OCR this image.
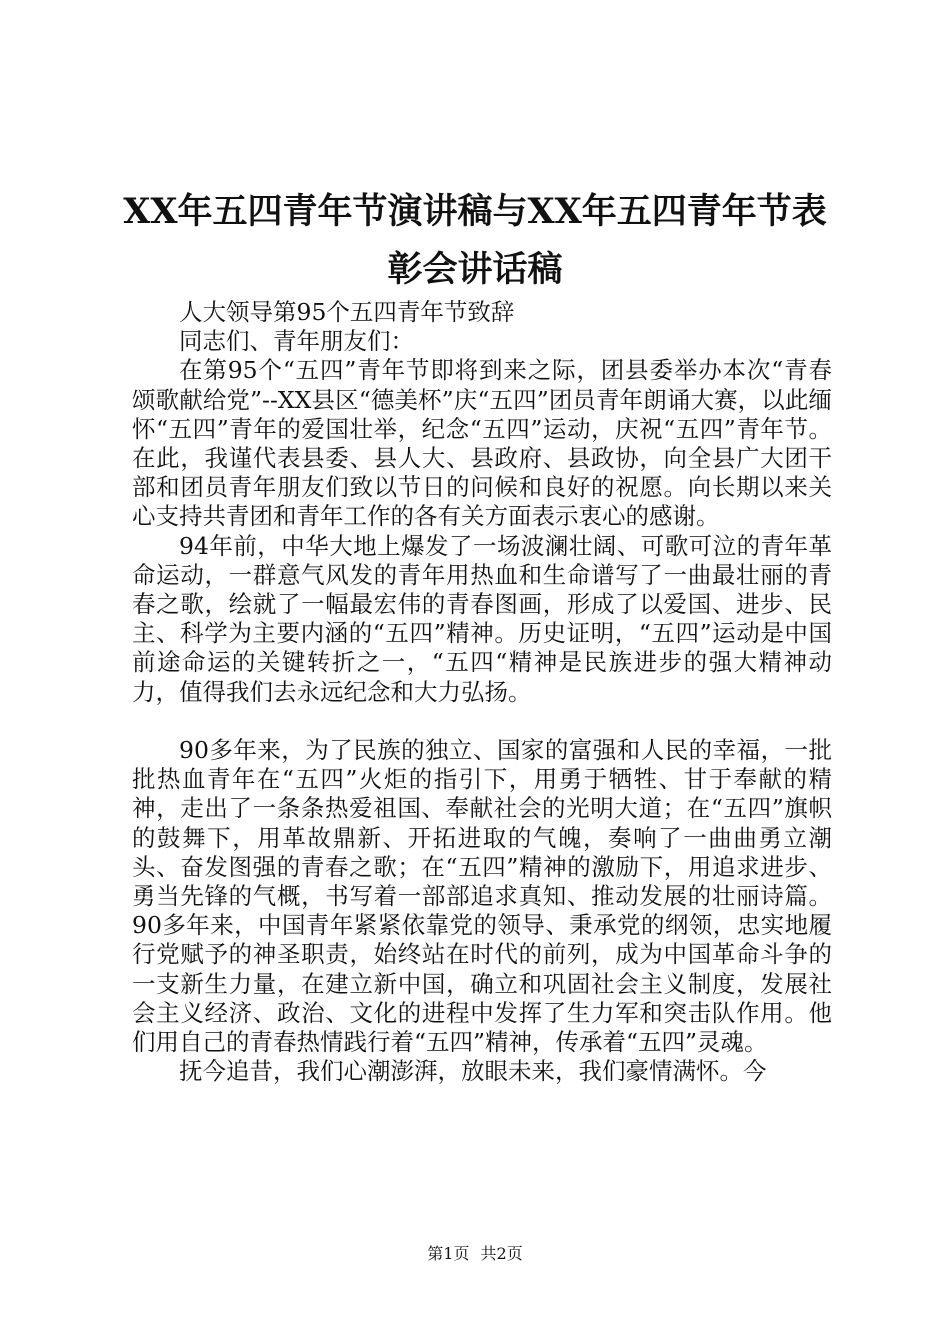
XX年五四青年节演讲稿与XX年五四青年节表
彰会讲话稿

人大领导第95个五四青年节致辞

同志们、青年朋友们：

在第95个“五四”青年节即将到来之际，团县委举办本次“青春颂歌献给党”--XX县区“德美杯”庆“五四”团员青年朗诵大赛，以此缅怀“五四”青年的爱国壮举，纪念“五四”运动，庆祝“五四”青年节。在此，我谨代表县委、县人大、县政府、县政协，向全县广大团干部和团员青年朋友们致以节日的问候和良好的祝愿。向长期以来关心支持共青团和青年工作的各有关方面表示衷心的感谢。

94年前，中华大地上爆发了一场波澜壮阔、可歌可泣的青年革命运动，一群意气风发的青年用热血和生命谱写了一曲最壮丽的青春之歌，绘就了一幅最宏伟的青春图画，形成了以爱国、进步、民主、科学为主要内涵的“五四”精神。历史证明，“五四”运动是中国前途命运的关键转折之一，“五四“精神是民族进步的强大精神动力，值得我们去永远纪念和大力弘扬。

90多年来，为了民族的独立、国家的富强和人民的幸福，一批批热血青年在“五四”火炬的指引下，用勇于牺牲、甘于奉献的精神，走出了一条条热爱祖国、奉献社会的光明大道；在“五四”旗帜的鼓舞下，用革故鼎新、开拓进取的气魄，奏响了一曲曲勇立潮头、奋发图强的青春之歌；在“五四”精神的激励下，用追求进步、勇当先锋的气概，书写着一部部追求真知、推动发展的壮丽诗篇。90多年来，中国青年紧紧依靠党的领导、秉承党的纲领，忠实地履行党赋予的神圣职责，始终站在时代的前列，成为中国革命斗争的一支新生力量，在建立新中国，确立和巩固社会主义制度，发展社会主义经济、政治、文化的进程中发挥了生力军和突击队作用。他们用自己的青春热情践行着“五四”精神，传承着“五四”灵魂。

抚今追昔，我们心潮澎湃，放眼未来，我们豪情满怀。今

第1页 共2页
